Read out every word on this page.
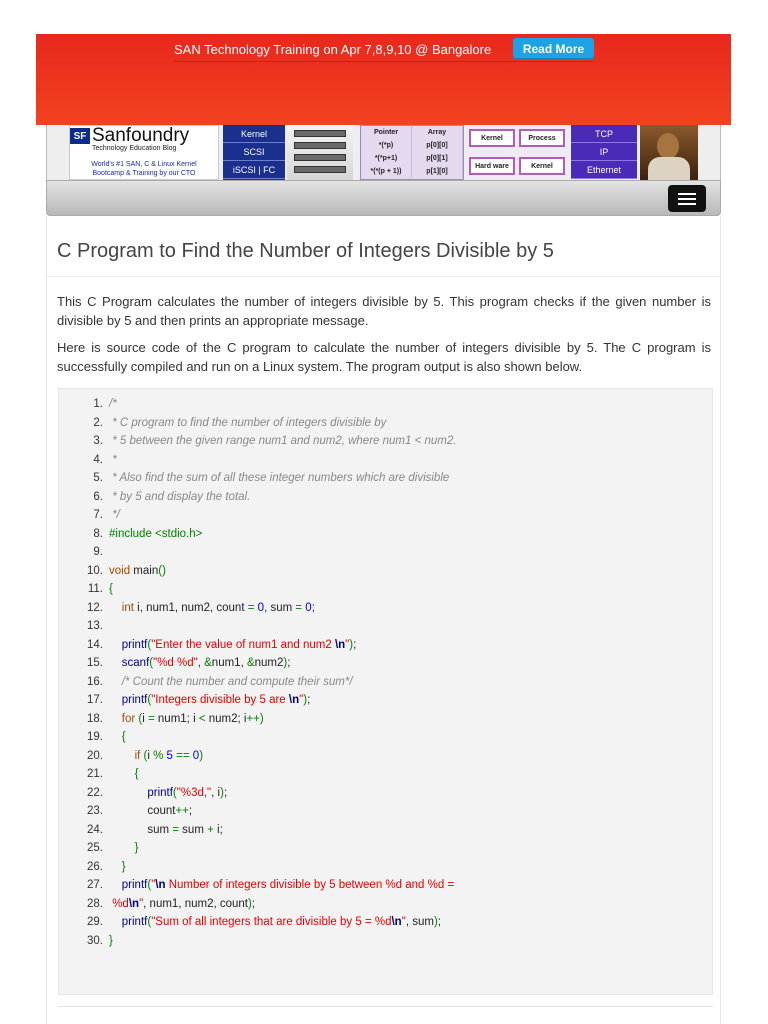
SAN Technology Training on Apr 7,8,9,10 @ Bangalore	Read More
SF Sanfoundry
Technology Education Blog
World's #1 SAN, C & Linux Kernel
Bootcamp & Training by our CTO
Kernel
SCSI
iSCSI | FC
Pointer	Array
*(*p)	p[0][0]
*(*p+1)	p[0][1]
*(*(p + 1))	p[1][0]
Kernel	Process
Hard ware	Kernel
TCP
IP
Ethernet
C Program to Find the Number of Integers Divisible by 5

This C Program calculates the number of integers divisible by 5. This program checks if the given number is divisible by 5 and then prints an appropriate message.

Here is source code of the C program to calculate the number of integers divisible by 5. The C program is successfully compiled and run on a Linux system. The program output is also shown below.

1. /*
2. * C program to find the number of integers divisible by
3. * 5 between the given range num1 and num2, where num1 < num2.
4. *
5. * Also find the sum of all these integer numbers which are divisible
6. * by 5 and display the total.
7. */
8. #include <stdio.h>
9.
10. void main()
11. {
12. int i, num1, num2, count = 0, sum = 0;
13.
14. printf("Enter the value of num1 and num2 \n");
15. scanf("%d %d", &num1, &num2);
16. /* Count the number and compute their sum*/
17. printf("Integers divisible by 5 are \n");
18. for (i = num1; i < num2; i++)
19. {
20.	if (i % 5 == 0)
21.	{
22.	printf("%3d,", i);
23.            count++;
24.            sum = sum + i;
25.	}
26. }
27. printf("\n Number of integers divisible by 5 between %d and %d =
28. %d\n", num1, num2, count);
29. printf("Sum of all integers that are divisible by 5 = %d\n", sum);
30. }
